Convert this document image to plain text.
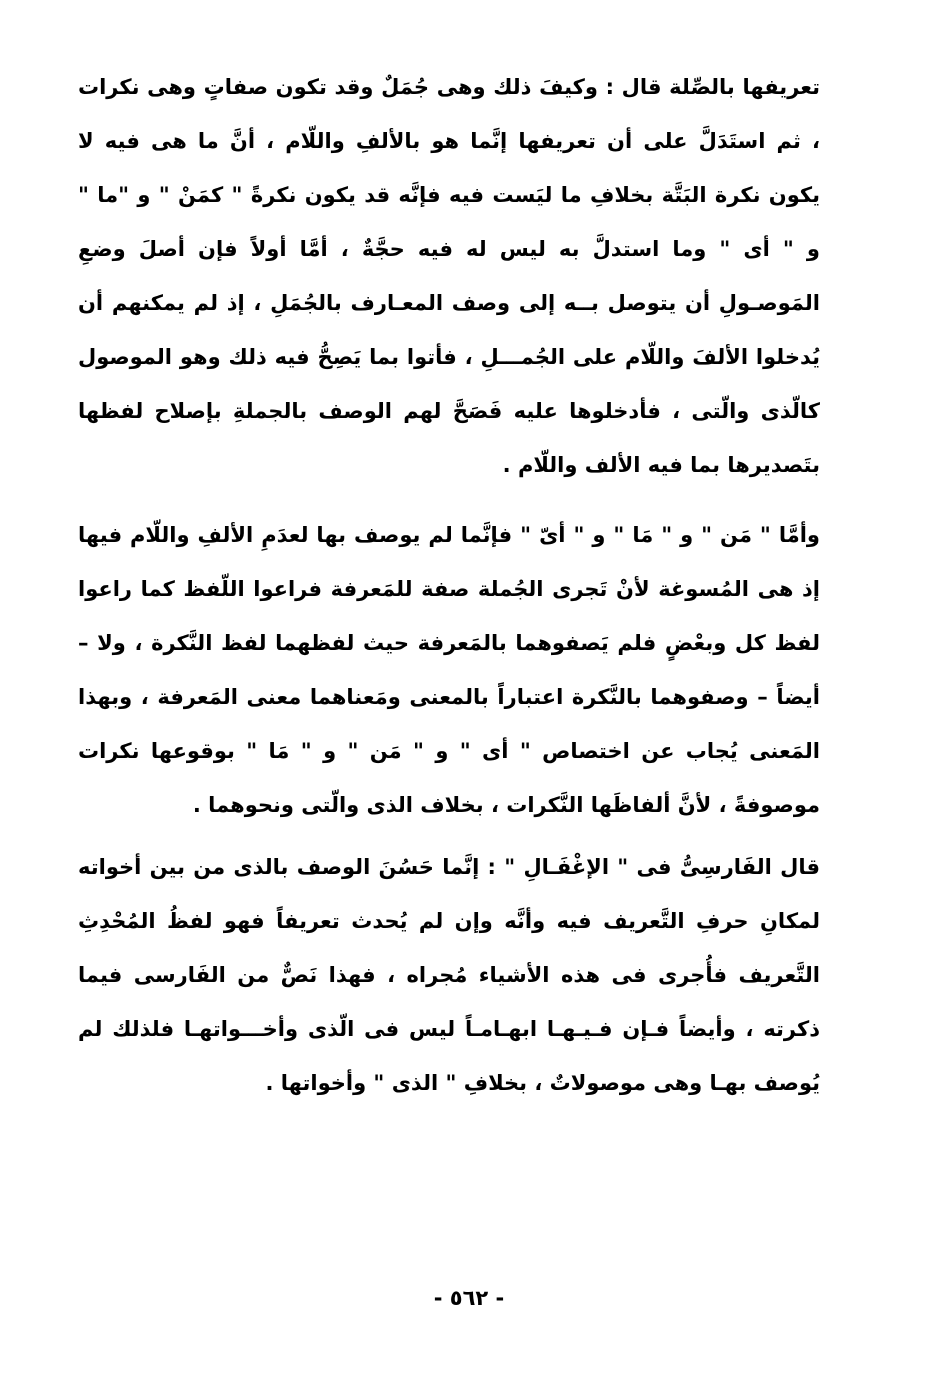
تعريفها بالصِّلة قال : وكيفَ ذلك وهى جُمَلٌ وقد تكون صفاتٍ وهى نكرات ، ثم استَدَلَّ على أن تعريفها إنَّما هو بالألفِ واللّام ، أنَّ ما هى فيه لا يكون نكرة البَتَّة بخلافِ ما ليَست فيه فإنَّه قد يكون نكرةً " كمَنْ " و "ما " و " أى " وما استدلَّ به ليس له فيه حجَّةٌ ، أمَّا أولاً فإن أصلَ وضعِ المَوصـولِ أن يتوصل بــه إلى وصف المعـارف بالجُمَلِ ، إذ لم يمكنهم أن يُدخلوا الألفَ واللّام على الجُمـــلِ ، فأتوا بما يَصِحُّ فيه ذلك وهو الموصول كالّذى والّتى ، فأدخلوها عليه فَصَحَّ لهم الوصف بالجملةِ بإصلاح لفظها بتَصديرها بما فيه الألف واللّام .

وأمَّا " مَن " و " مَا " و " أىّ " فإنَّما لم يوصف بها لعدَمِ الألفِ واللّام فيها إذ هى المُسوغة لأنْ تَجرى الجُملة صفة للمَعرفة فراعوا اللّفظ كما راعوا لفظ كل وبعْضٍ فلم يَصفوهما بالمَعرفة حيث لفظهما لفظ النَّكرة ، ولا – أيضاً – وصفوهما بالنَّكرة اعتباراً بالمعنى ومَعناهما معنى المَعرفة ، وبهذا المَعنى يُجاب عن اختصاص " أى " و " مَن " و " مَا " بوقوعها نكرات موصوفةً ، لأنَّ ألفاظَها النَّكرات ، بخلاف الذى والّتى ونحوهما .

قال الفَارسِىُّ فى " الإغْفَـالِ " : إنَّما حَسُنَ الوصف بالذى من بين أخواته لمكانِ حرفِ التَّعريف فيه وأنَّه وإن لم يُحدث تعريفاً فهو لفظُ المُحْدِثِ التَّعريف فأُجرى فى هذه الأشياء مُجراه ، فهذا نَصٌّ من الفَارسى فيما ذكرته ، وأيضاً فـإن فـيـهـا ابهـامـاً ليس فى الّذى وأخـــواتهـا فلذلك لم يُوصف بهـا وهى موصولاتٌ ، بخلافِ " الذى " وأخواتها .

- ٥٦٢ -
